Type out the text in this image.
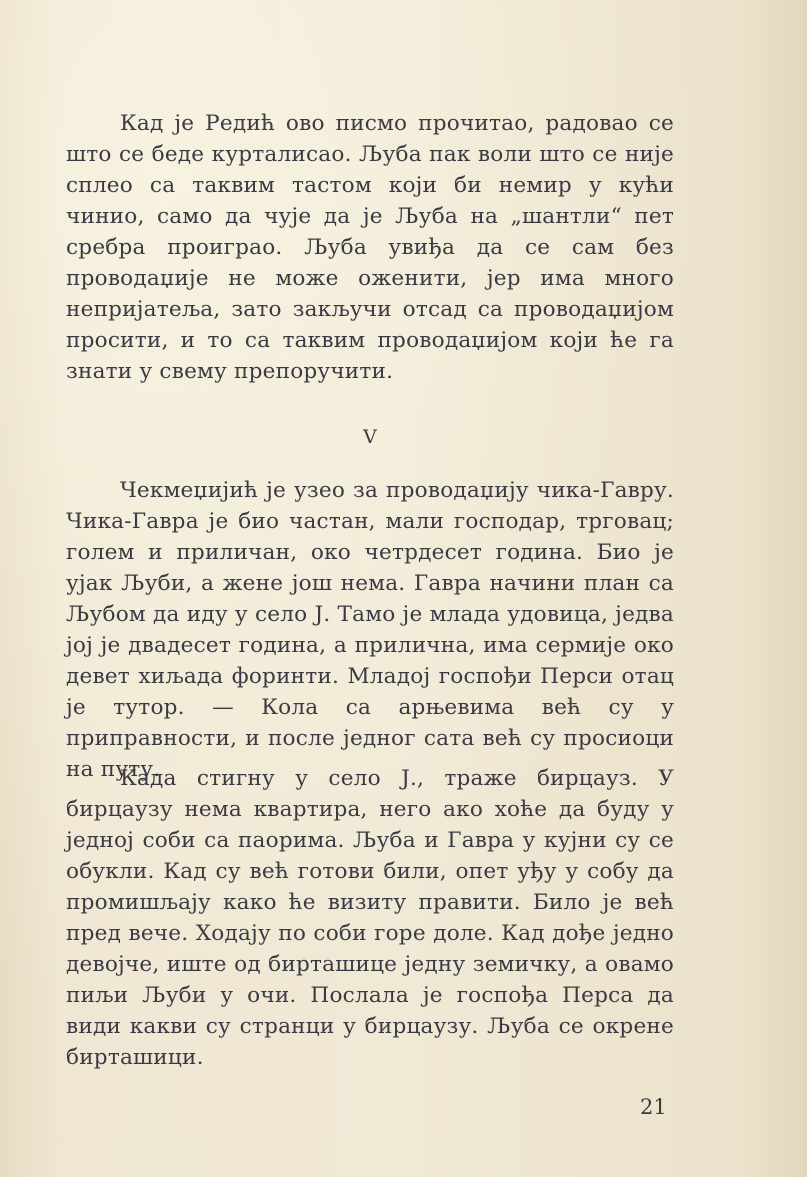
Кад је Редић ово писмо прочитао, радовао се што се беде курталисао. Љуба пак воли што се није сплео са таквим тастом који би немир у кући чинио, само да чује да је Љуба на „шантли“ пет сребра проиграо. Љуба увиђа да се сам без проводаџије не може оженити, јер има много непријатеља, зато закључи отсад са проводаџијом просити, и то са таквим проводаџијом који ће га знати у свему препоручити.

V

Чекмеџијић је узео за проводаџију чика-Гавру. Чика-Гавра је био частан, мали господар, трговац; голем и приличан, око четрдесет година. Био је ујак Љуби, а жене још нема. Гавра начини план са Љубом да иду у село Ј. Тамо је млада удовица, једва јој је двадесет година, а прилична, има сермије око девет хиљада форинти. Младој госпођи Перси отац је тутор. — Кола са арњевима већ су у приправности, и после једног сата већ су просиоци на путу.

Када стигну у село Ј., траже бирцауз. У бирцаузу нема квартира, него ако хоће да буду у једној соби са паорима. Љуба и Гавра у кујни су се обукли. Кад су већ готови били, опет уђу у собу да промишљају како ће визиту правити. Било је већ пред вече. Ходају по соби горе доле. Кад дође једно девојче, иште од бирташице једну земичку, а овамо пиљи Љуби у очи. Послала је госпођа Перса да види какви су странци у бирцаузу. Љуба се окрене бирташици.

21
